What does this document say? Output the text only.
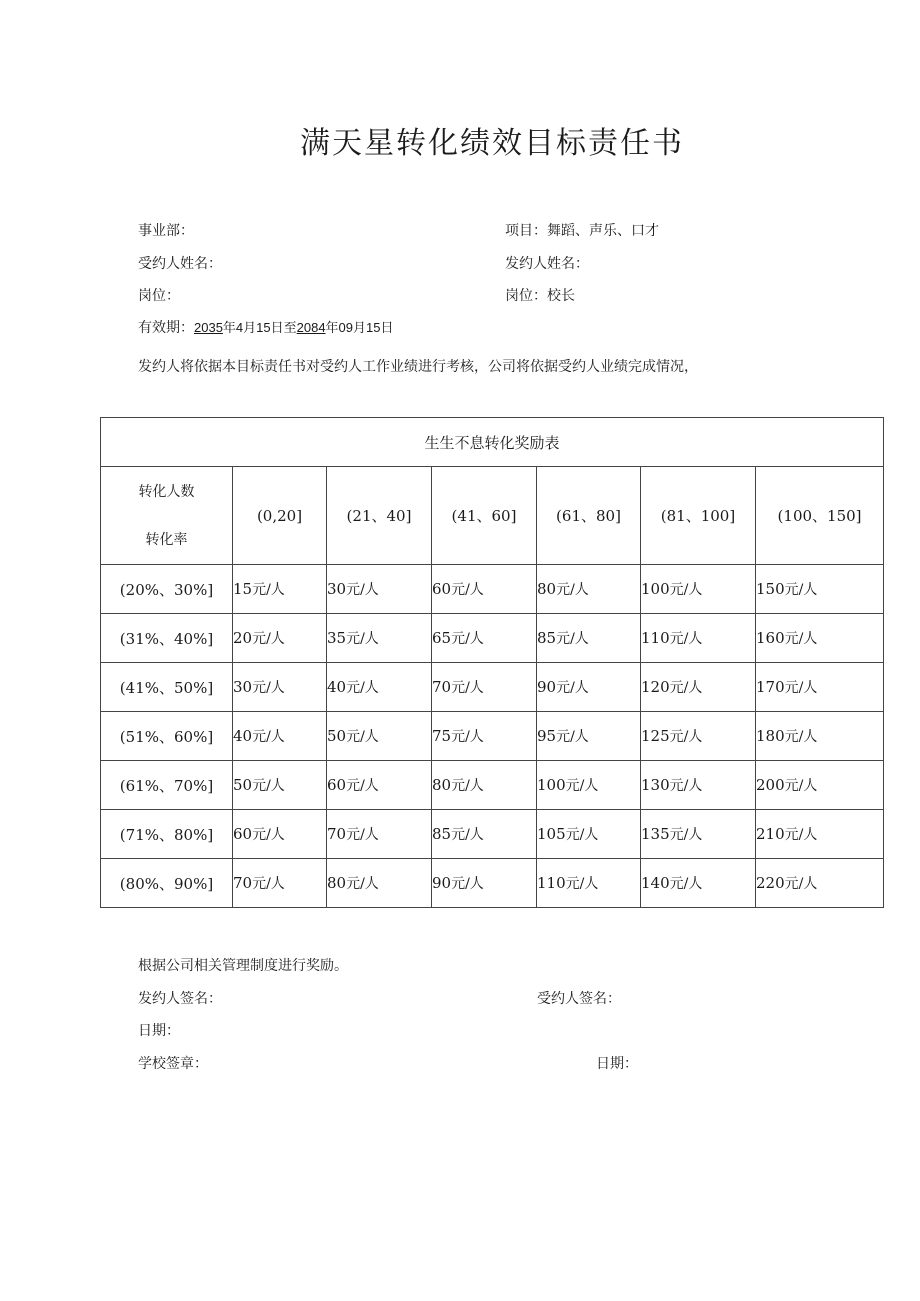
满天星转化绩效目标责任书
事业部：	项目：舞蹈、声乐、口才
受约人姓名：	发约人姓名：
岗位：	岗位：校长
有效期：2035年4月15日至2084年09月15日
发约人将依据本目标责任书对受约人工作业绩进行考核，公司将依据受约人业绩完成情况，
生生不息转化奖励表						

转化人数
转化率	(0,20]	(21、40]	(41、60]	(61、80]	(81、100]	(100、150]
(20%、30%]	15元/人	30元/人	60元/人	80元/人	100元/人	150元/人
(31%、40%]	20元/人	35元/人	65元/人	85元/人	110元/人	160元/人
(41%、50%]	30元/人	40元/人	70元/人	90元/人	120元/人	170元/人
(51%、60%]	40元/人	50元/人	75元/人	95元/人	125元/人	180元/人
(61%、70%]	50元/人	60元/人	80元/人	100元/人	130元/人	200元/人
(71%、80%]	60元/人	70元/人	85元/人	105元/人	135元/人	210元/人
(80%、90%]	70元/人	80元/人	90元/人	110元/人	140元/人	220元/人
根据公司相关管理制度进行奖励。
发约人签名：	受约人签名：
日期：
学校签章：	日期：
